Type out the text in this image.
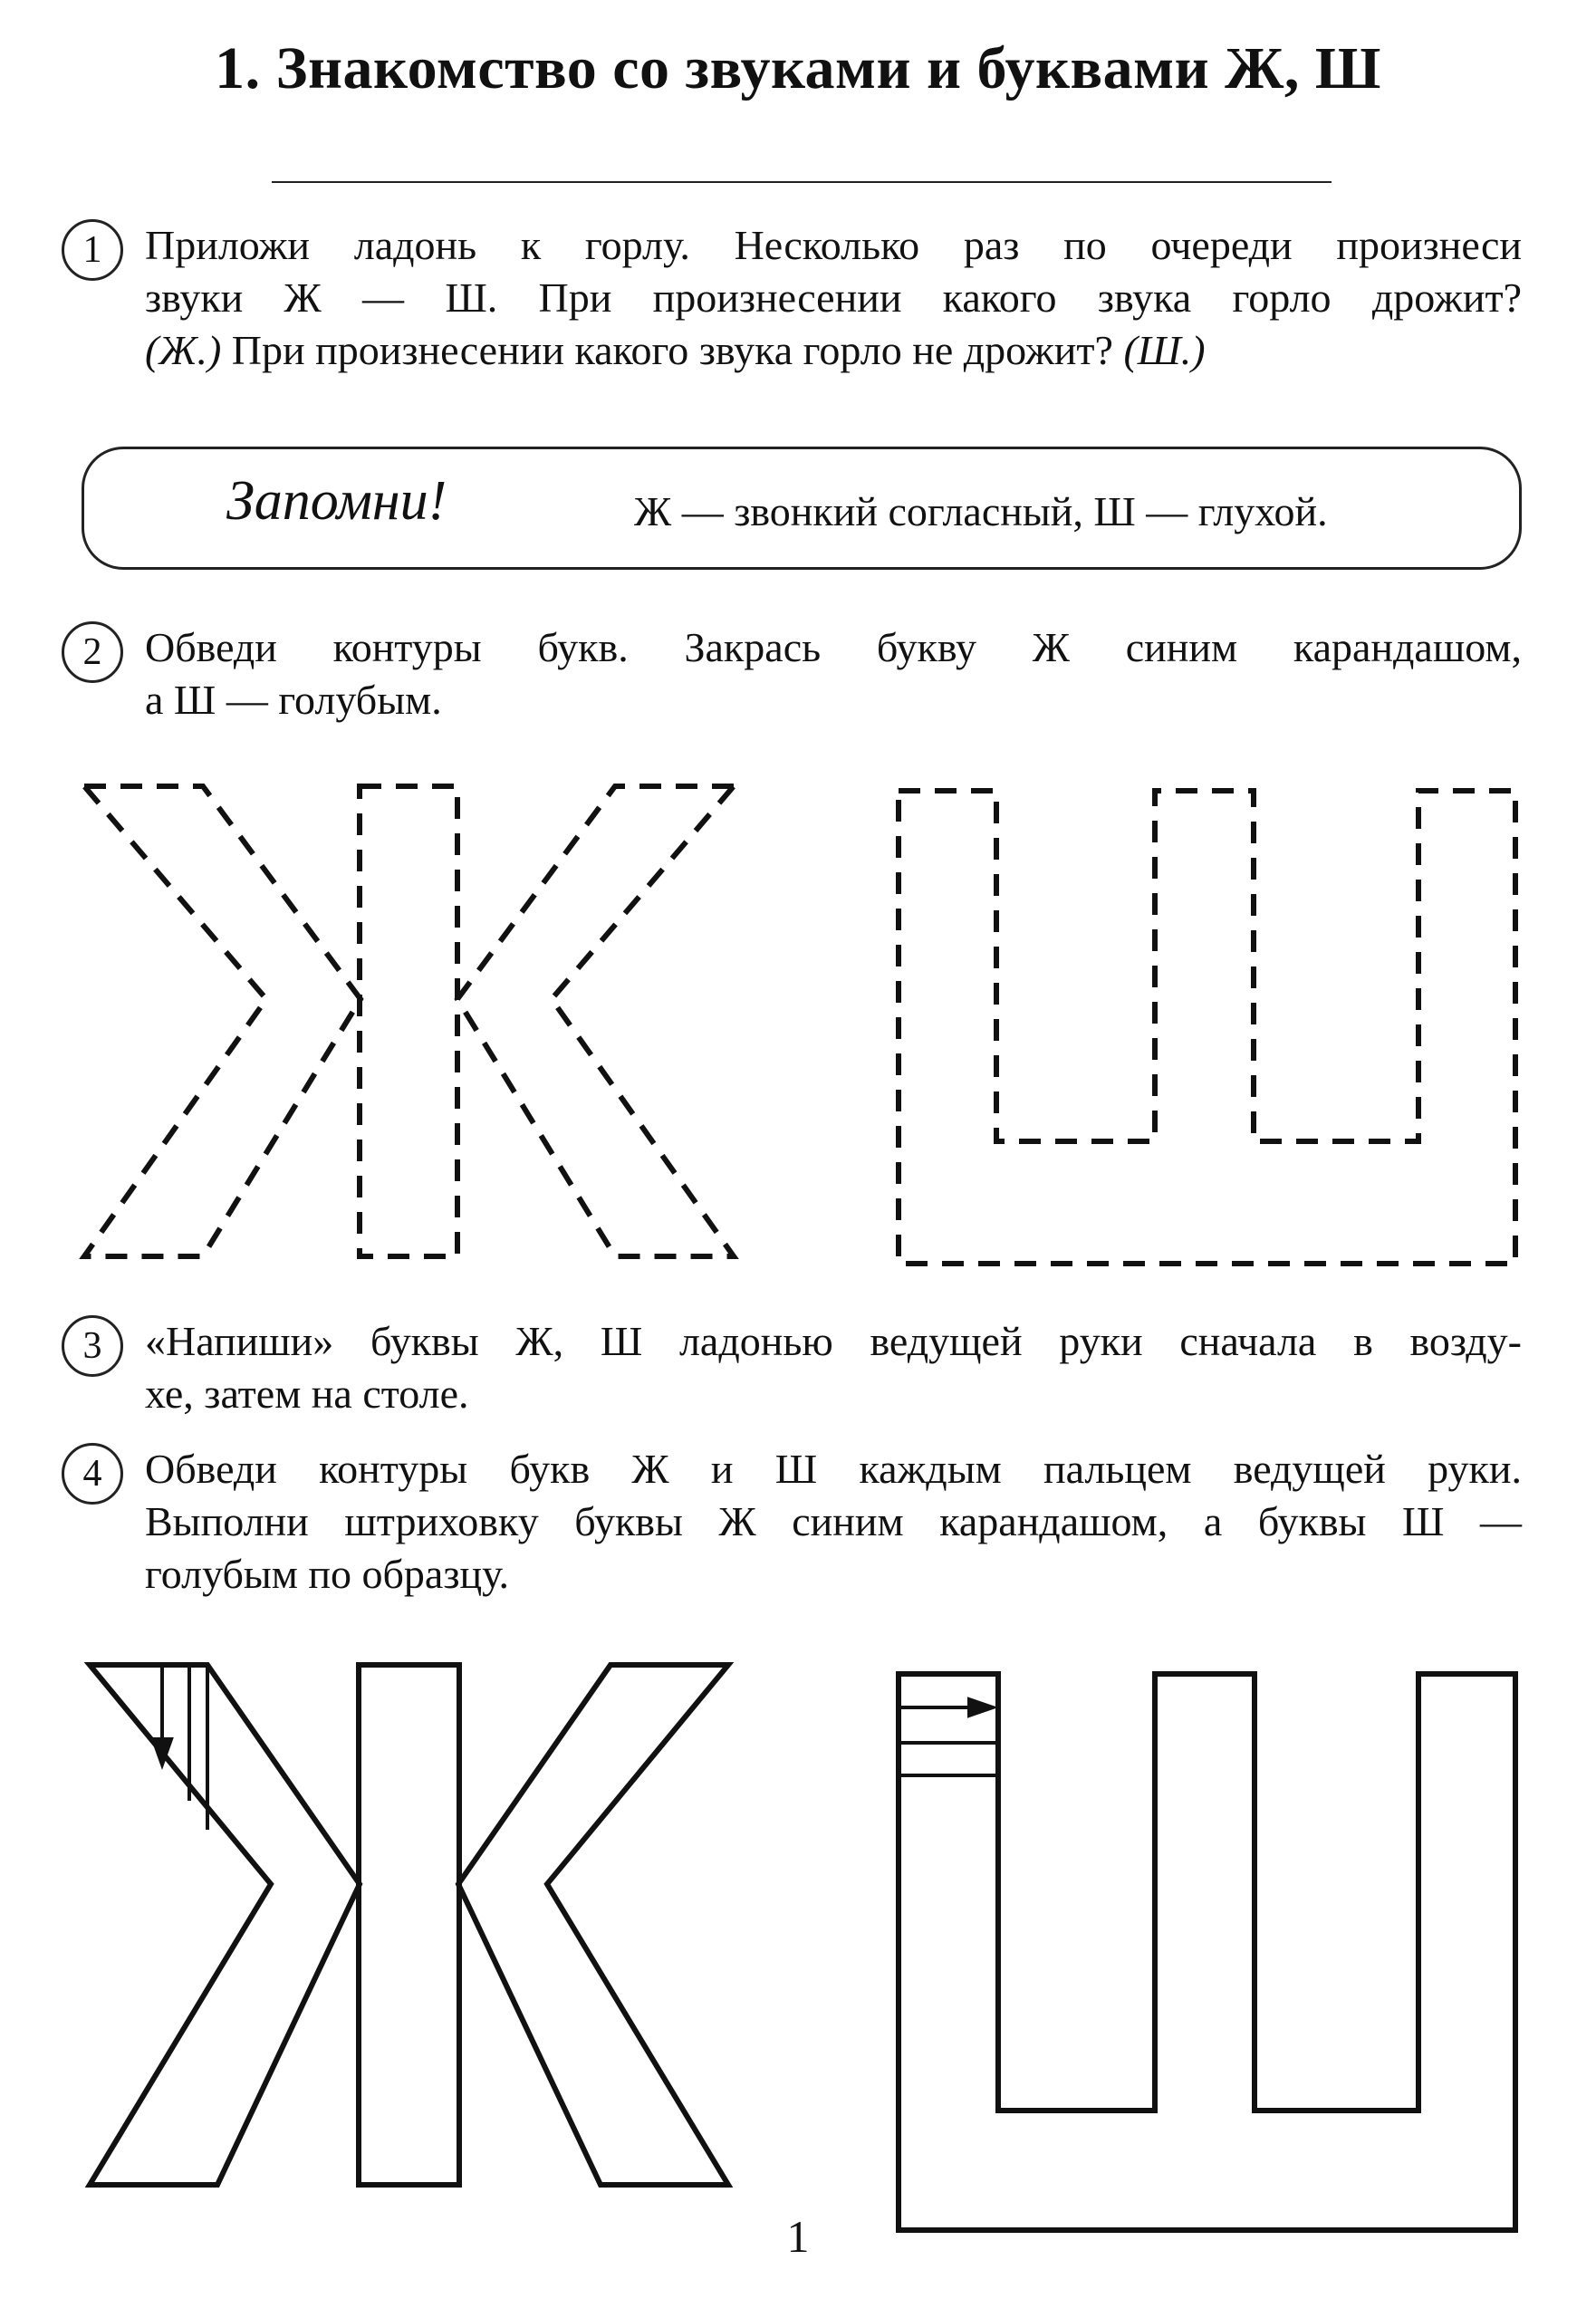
1. Знакомство со звуками и буквами Ж, Ш
1	Приложи ладонь к горлу. Несколько раз по очереди произнеси
звуки Ж — Ш. При произнесении какого звука горло дрожит?
(Ж.) При произнесении какого звука горло не дрожит? (Ш.)
Запомни!	Ж — звонкий согласный, Ш — глухой.
2	Обведи контуры букв. Закрась букву Ж синим карандашом,
а Ш — голубым.
3	«Напиши» буквы Ж, Ш ладонью ведущей руки сначала в возду-
хе, затем на столе.
4	Обведи контуры букв Ж и Ш каждым пальцем ведущей руки.
Выполни штриховку буквы Ж синим карандашом, а буквы Ш —
голубым по образцу.
1
